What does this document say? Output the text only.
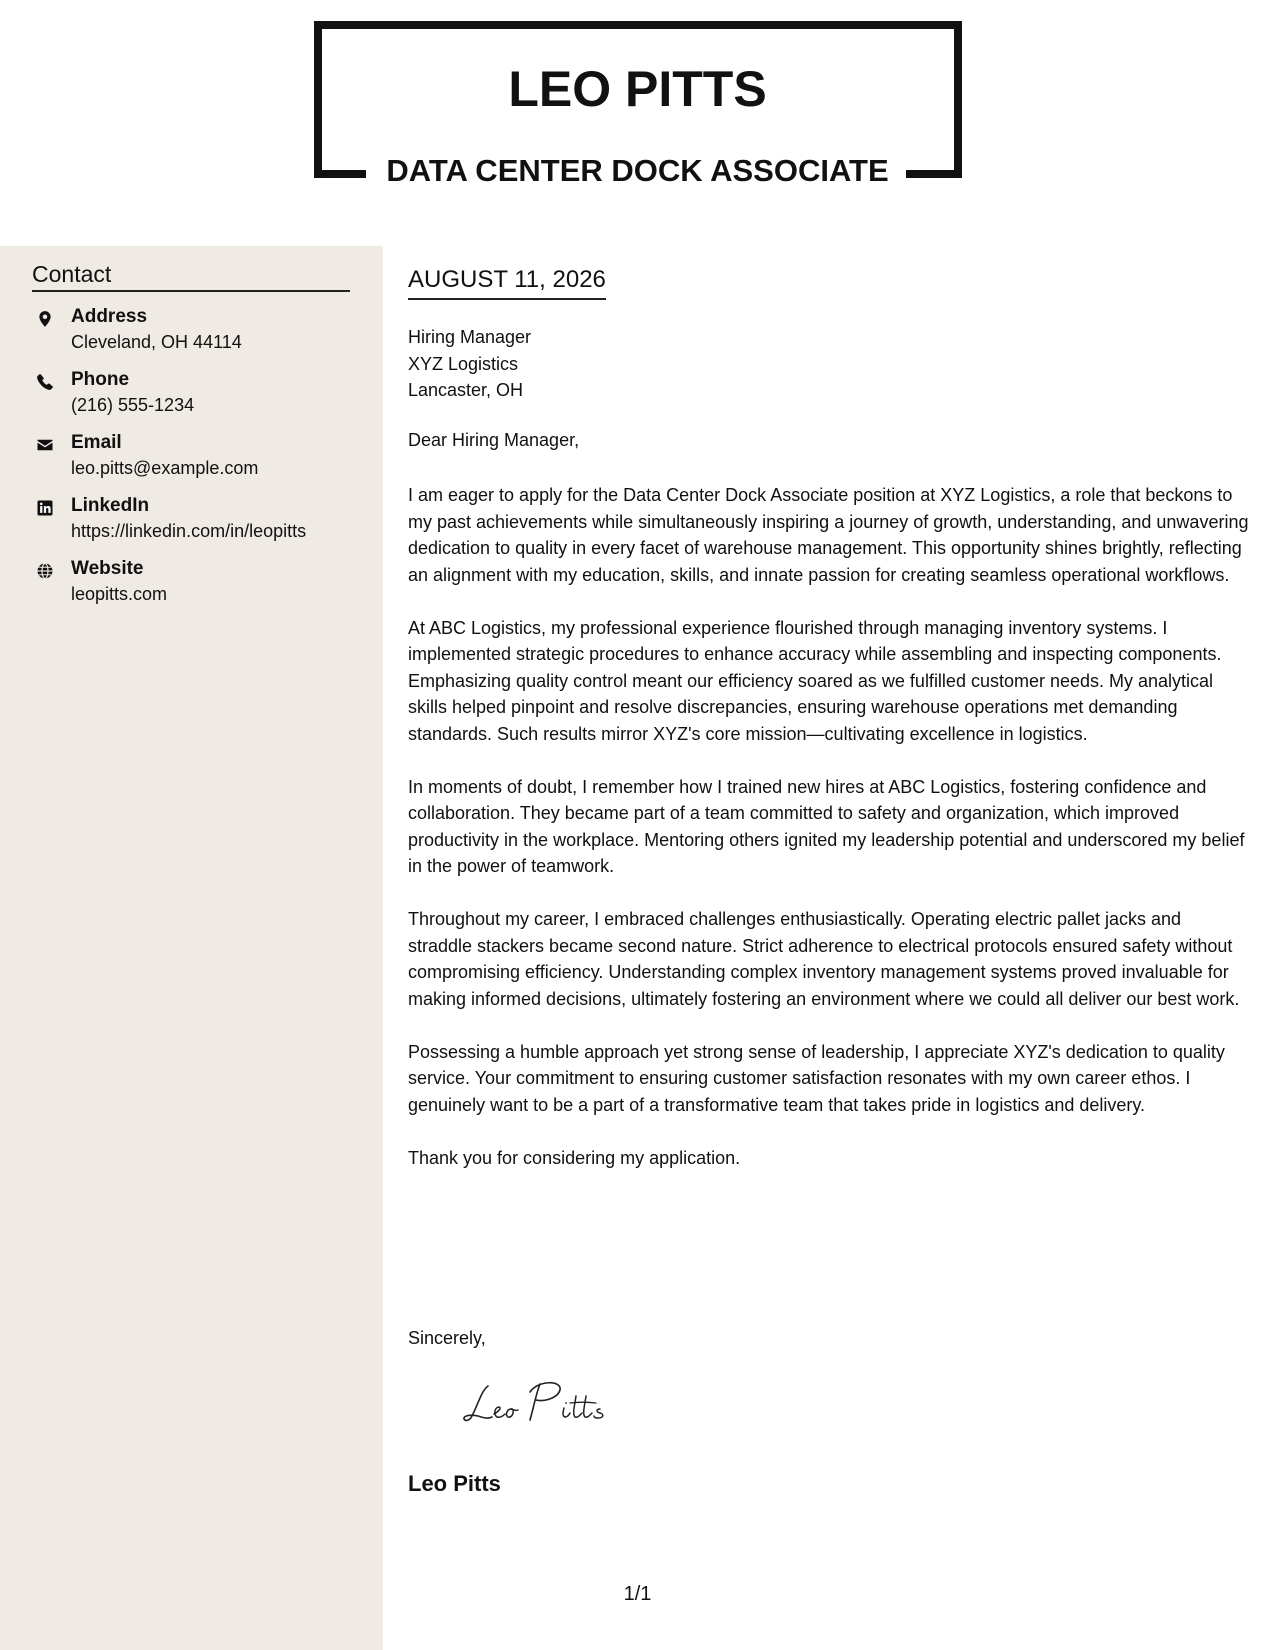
LEO PITTS
DATA CENTER DOCK ASSOCIATE
Contact
Address
Cleveland, OH 44114
Phone
(216) 555-1234
Email
leo.pitts@example.com
LinkedIn
https://linkedin.com/in/leopitts
Website
leopitts.com
AUGUST 11, 2026
Hiring Manager
XYZ Logistics
Lancaster, OH
Dear Hiring Manager,

I am eager to apply for the Data Center Dock Associate position at XYZ Logistics, a role that beckons to my past achievements while simultaneously inspiring a journey of growth, understanding, and unwavering dedication to quality in every facet of warehouse management. This opportunity shines brightly, reflecting an alignment with my education, skills, and innate passion for creating seamless operational workflows.

At ABC Logistics, my professional experience flourished through managing inventory systems. I implemented strategic procedures to enhance accuracy while assembling and inspecting components. Emphasizing quality control meant our efficiency soared as we fulfilled customer needs. My analytical skills helped pinpoint and resolve discrepancies, ensuring warehouse operations met demanding standards. Such results mirror XYZ's core mission—cultivating excellence in logistics.

In moments of doubt, I remember how I trained new hires at ABC Logistics, fostering confidence and collaboration. They became part of a team committed to safety and organization, which improved productivity in the workplace. Mentoring others ignited my leadership potential and underscored my belief in the power of teamwork.

Throughout my career, I embraced challenges enthusiastically. Operating electric pallet jacks and straddle stackers became second nature. Strict adherence to electrical protocols ensured safety without compromising efficiency. Understanding complex inventory management systems proved invaluable for making informed decisions, ultimately fostering an environment where we could all deliver our best work.

Possessing a humble approach yet strong sense of leadership, I appreciate XYZ's dedication to quality service. Your commitment to ensuring customer satisfaction resonates with my own career ethos. I genuinely want to be a part of a transformative team that takes pride in logistics and delivery.

Thank you for considering my application.

Sincerely,
Leo Pitts
1/1
